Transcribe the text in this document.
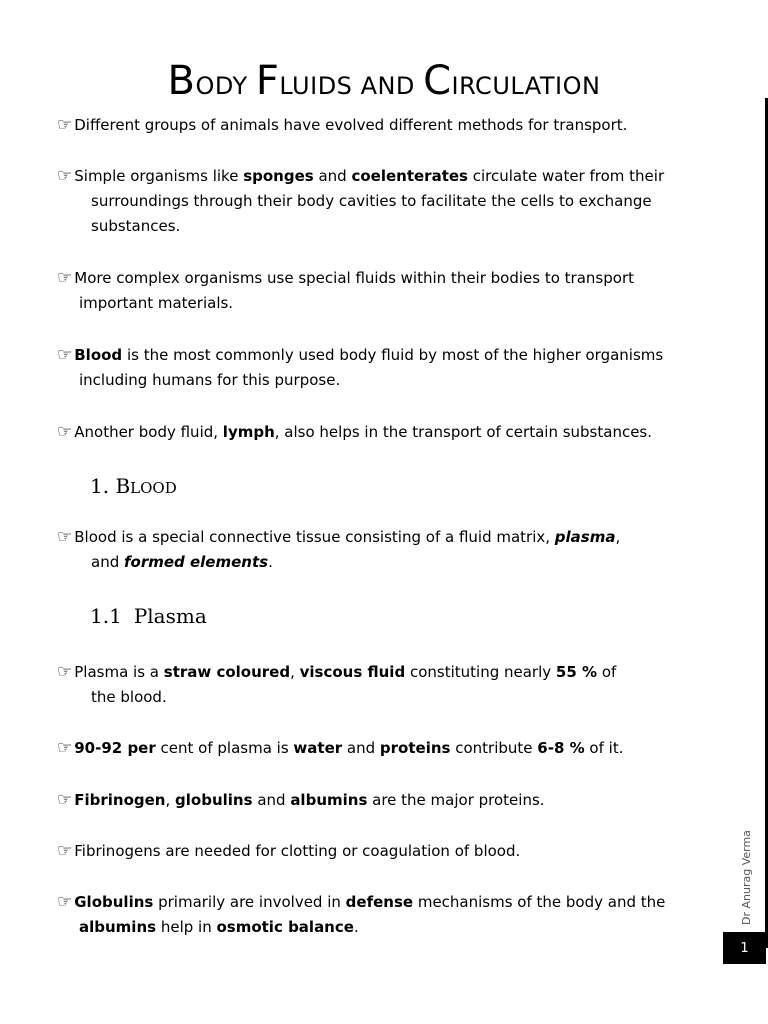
BODY FLUIDS AND CIRCULATION
☞ Different groups of animals have evolved different methods for transport.
☞ Simple organisms like sponges and coelenterates circulate water from their
surroundings through their body cavities to facilitate the cells to exchange
substances.
☞ More complex organisms use special fluids within their bodies to transport
important materials.
☞ Blood is the most commonly used body fluid by most of the higher organisms
including humans for this purpose.
☞ Another body fluid, lymph, also helps in the transport of certain substances.
1. BLOOD
☞ Blood is a special connective tissue consisting of a fluid matrix, plasma,
and formed elements.
1.1 Plasma
☞ Plasma is a straw coloured, viscous fluid constituting nearly 55 % of
the blood.
☞ 90-92 per cent of plasma is water and proteins contribute 6-8 % of it.
☞ Fibrinogen, globulins and albumins are the major proteins.
☞ Fibrinogens are needed for clotting or coagulation of blood.
☞ Globulins primarily are involved in defense mechanisms of the body and the
albumins help in osmotic balance.
Dr Anurag Verma
1
